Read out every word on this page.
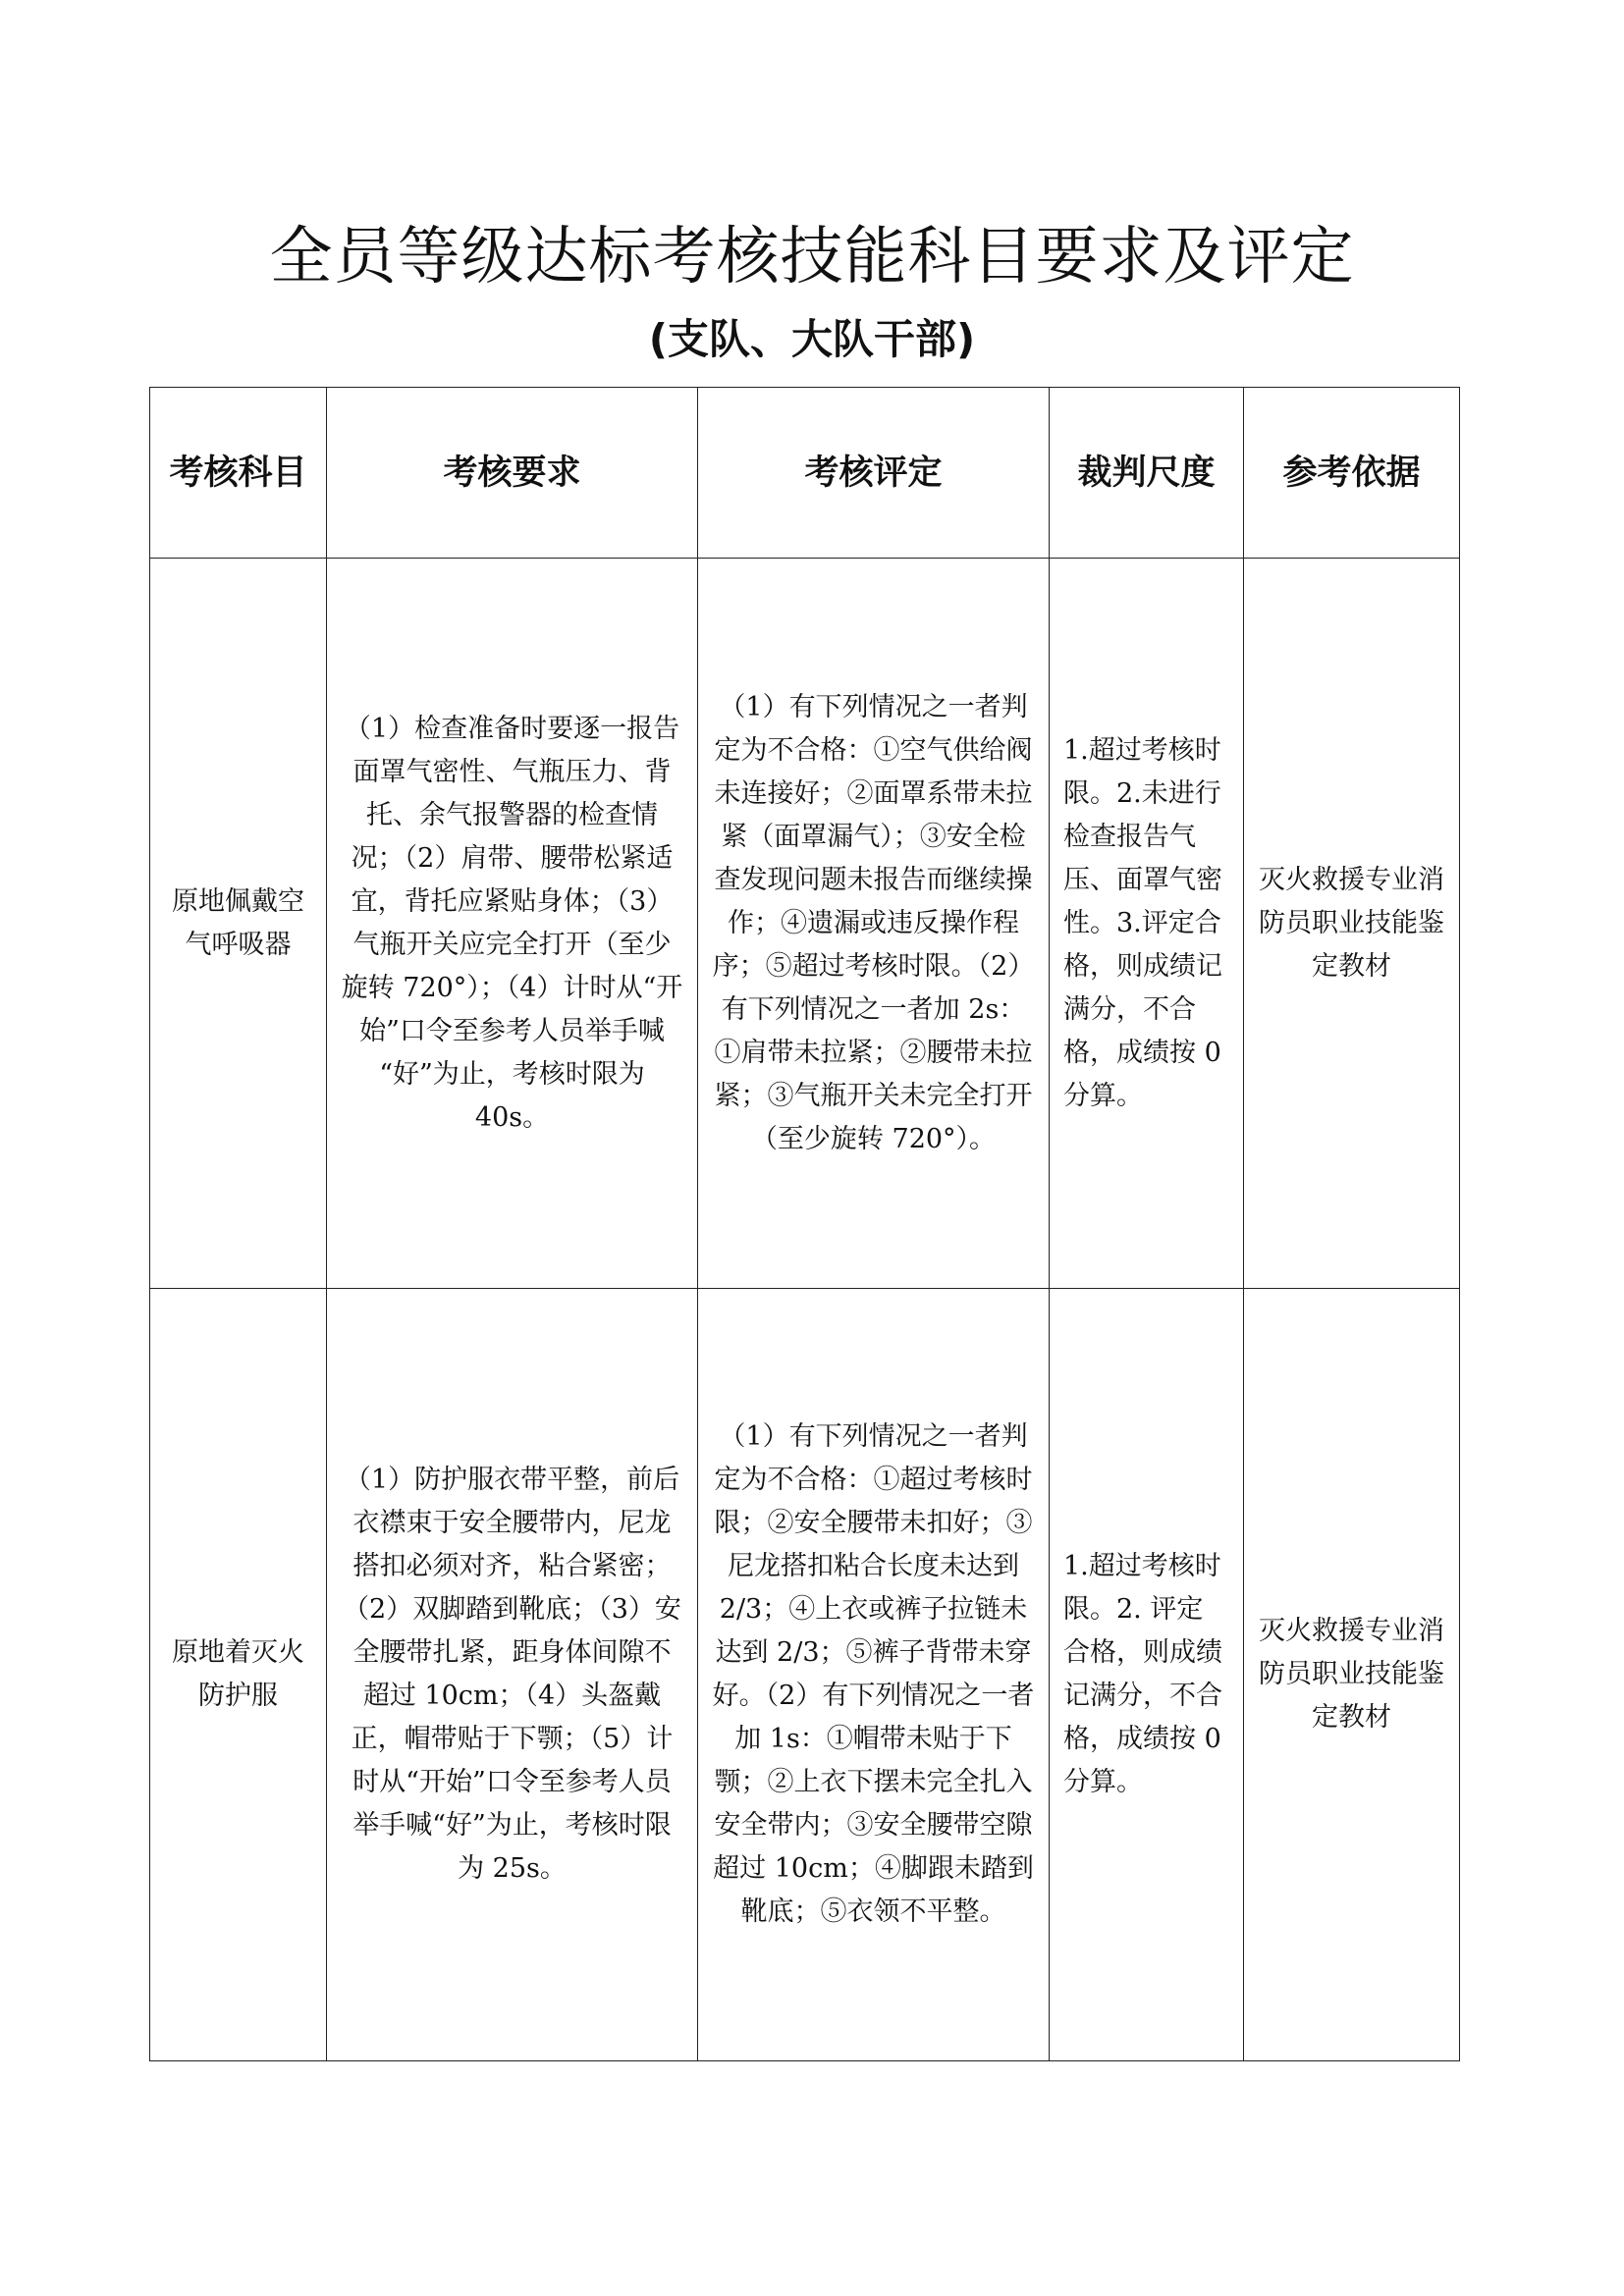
全员等级达标考核技能科目要求及评定
(支队、大队干部)
考核科目	考核要求	考核评定	裁判尺度	参考依据
原地佩戴空气呼吸器	（1）检查准备时要逐一报告面罩气密性、气瓶压力、背托、余气报警器的检查情况；（2）肩带、腰带松紧适宜，背托应紧贴身体；（3）气瓶开关应完全打开（至少旋转 720°）；（4）计时从“开始”口令至参考人员举手喊 “好”为止，考核时限为 40s。	（1）有下列情况之一者判定为不合格：①空气供给阀未连接好；②面罩系带未拉紧（面罩漏气）；③安全检查发现问题未报告而继续操作；④遗漏或违反操作程序；⑤超过考核时限。（2）有下列情况之一者加 2s：①肩带未拉紧；②腰带未拉紧；③气瓶开关未完全打开（至少旋转 720°）。	1.超过考核时限。2.未进行检查报告气压、面罩气密性。3.评定合格，则成绩记满分，不合格，成绩按 0 分算。	灭火救援专业消防员职业技能鉴定教材
原地着灭火防护服	（1）防护服衣带平整，前后衣襟束于安全腰带内，尼龙搭扣必须对齐，粘合紧密；（2）双脚踏到靴底；（3）安全腰带扎紧，距身体间隙不超过 10cm；（4）头盔戴正，帽带贴于下颚；（5）计时从“开始”口令至参考人员举手喊“好”为止，考核时限为 25s。	（1）有下列情况之一者判定为不合格：①超过考核时限；②安全腰带未扣好；③尼龙搭扣粘合长度未达到 2/3；④上衣或裤子拉链未达到 2/3；⑤裤子背带未穿好。（2）有下列情况之一者加 1s：①帽带未贴于下颚；②上衣下摆未完全扎入安全带内；③安全腰带空隙超过 10cm；④脚跟未踏到靴底；⑤衣领不平整。	1.超过考核时限。2. 评定合格，则成绩记满分，不合格，成绩按 0 分算。	灭火救援专业消防员职业技能鉴定教材
